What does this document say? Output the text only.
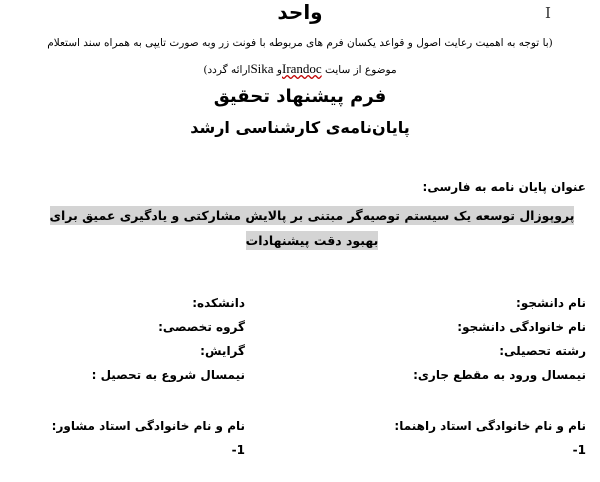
واحد	I
(با توجه به اهمیت رعایت اصول و قواعد یکسان فرم های مربوطه با فونت زر وبه صورت تایپی به همراه سند استعلام
موضوع از سایت Irandocو Sikaارائه گردد)
فرم پیشنهاد تحقیق
پایان‌نامه‌ی کارشناسی ارشد
عنوان پایان نامه به فارسی:
پروپوزال توسعه یک سیستم توصیه‌گر مبتنی بر پالایش مشارکتی و یادگیری عمیق برای بهبود دقت پیشنهادات
نام دانشجو:
نام خانوادگی دانشجو:
رشته تحصیلی:
نیمسال ورود به مقطع جاری:
دانشکده:
گروه تخصصی:
گرایش:
نیمسال شروع به تحصیل :
نام و نام خانوادگی استاد راهنما:
نام و نام خانوادگی استاد مشاور:
-1
-1
